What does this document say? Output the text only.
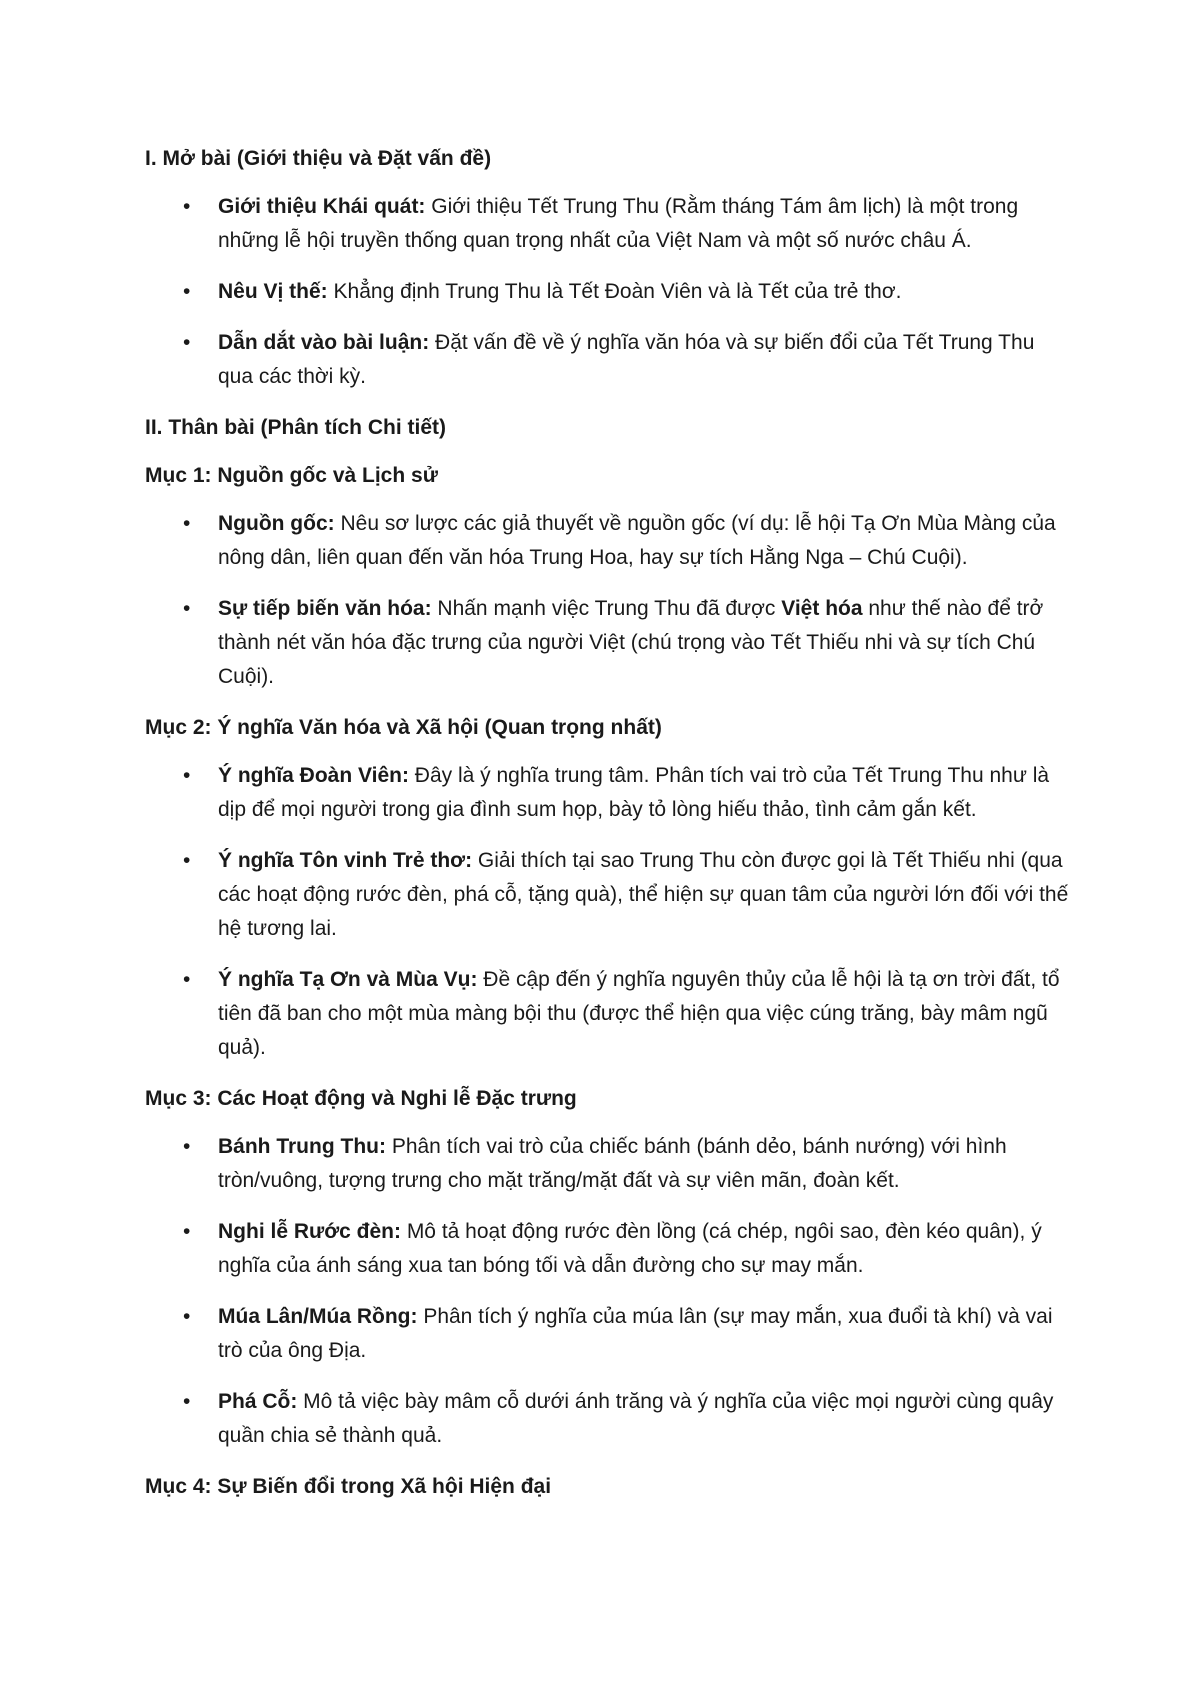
I. Mở bài (Giới thiệu và Đặt vấn đề)
• Giới thiệu Khái quát: Giới thiệu Tết Trung Thu (Rằm tháng Tám âm lịch) là một trong những lễ hội truyền thống quan trọng nhất của Việt Nam và một số nước châu Á.
• Nêu Vị thế: Khẳng định Trung Thu là Tết Đoàn Viên và là Tết của trẻ thơ.
• Dẫn dắt vào bài luận: Đặt vấn đề về ý nghĩa văn hóa và sự biến đổi của Tết Trung Thu qua các thời kỳ.
II. Thân bài (Phân tích Chi tiết)
Mục 1: Nguồn gốc và Lịch sử
• Nguồn gốc: Nêu sơ lược các giả thuyết về nguồn gốc (ví dụ: lễ hội Tạ Ơn Mùa Màng của nông dân, liên quan đến văn hóa Trung Hoa, hay sự tích Hằng Nga – Chú Cuội).
• Sự tiếp biến văn hóa: Nhấn mạnh việc Trung Thu đã được Việt hóa như thế nào để trở thành nét văn hóa đặc trưng của người Việt (chú trọng vào Tết Thiếu nhi và sự tích Chú Cuội).
Mục 2: Ý nghĩa Văn hóa và Xã hội (Quan trọng nhất)
• Ý nghĩa Đoàn Viên: Đây là ý nghĩa trung tâm. Phân tích vai trò của Tết Trung Thu như là dịp để mọi người trong gia đình sum họp, bày tỏ lòng hiếu thảo, tình cảm gắn kết.
• Ý nghĩa Tôn vinh Trẻ thơ: Giải thích tại sao Trung Thu còn được gọi là Tết Thiếu nhi (qua các hoạt động rước đèn, phá cỗ, tặng quà), thể hiện sự quan tâm của người lớn đối với thế hệ tương lai.
• Ý nghĩa Tạ Ơn và Mùa Vụ: Đề cập đến ý nghĩa nguyên thủy của lễ hội là tạ ơn trời đất, tổ tiên đã ban cho một mùa màng bội thu (được thể hiện qua việc cúng trăng, bày mâm ngũ quả).
Mục 3: Các Hoạt động và Nghi lễ Đặc trưng
• Bánh Trung Thu: Phân tích vai trò của chiếc bánh (bánh dẻo, bánh nướng) với hình tròn/vuông, tượng trưng cho mặt trăng/mặt đất và sự viên mãn, đoàn kết.
• Nghi lễ Rước đèn: Mô tả hoạt động rước đèn lồng (cá chép, ngôi sao, đèn kéo quân), ý nghĩa của ánh sáng xua tan bóng tối và dẫn đường cho sự may mắn.
• Múa Lân/Múa Rồng: Phân tích ý nghĩa của múa lân (sự may mắn, xua đuổi tà khí) và vai trò của ông Địa.
• Phá Cỗ: Mô tả việc bày mâm cỗ dưới ánh trăng và ý nghĩa của việc mọi người cùng quây quần chia sẻ thành quả.
Mục 4: Sự Biến đổi trong Xã hội Hiện đại
